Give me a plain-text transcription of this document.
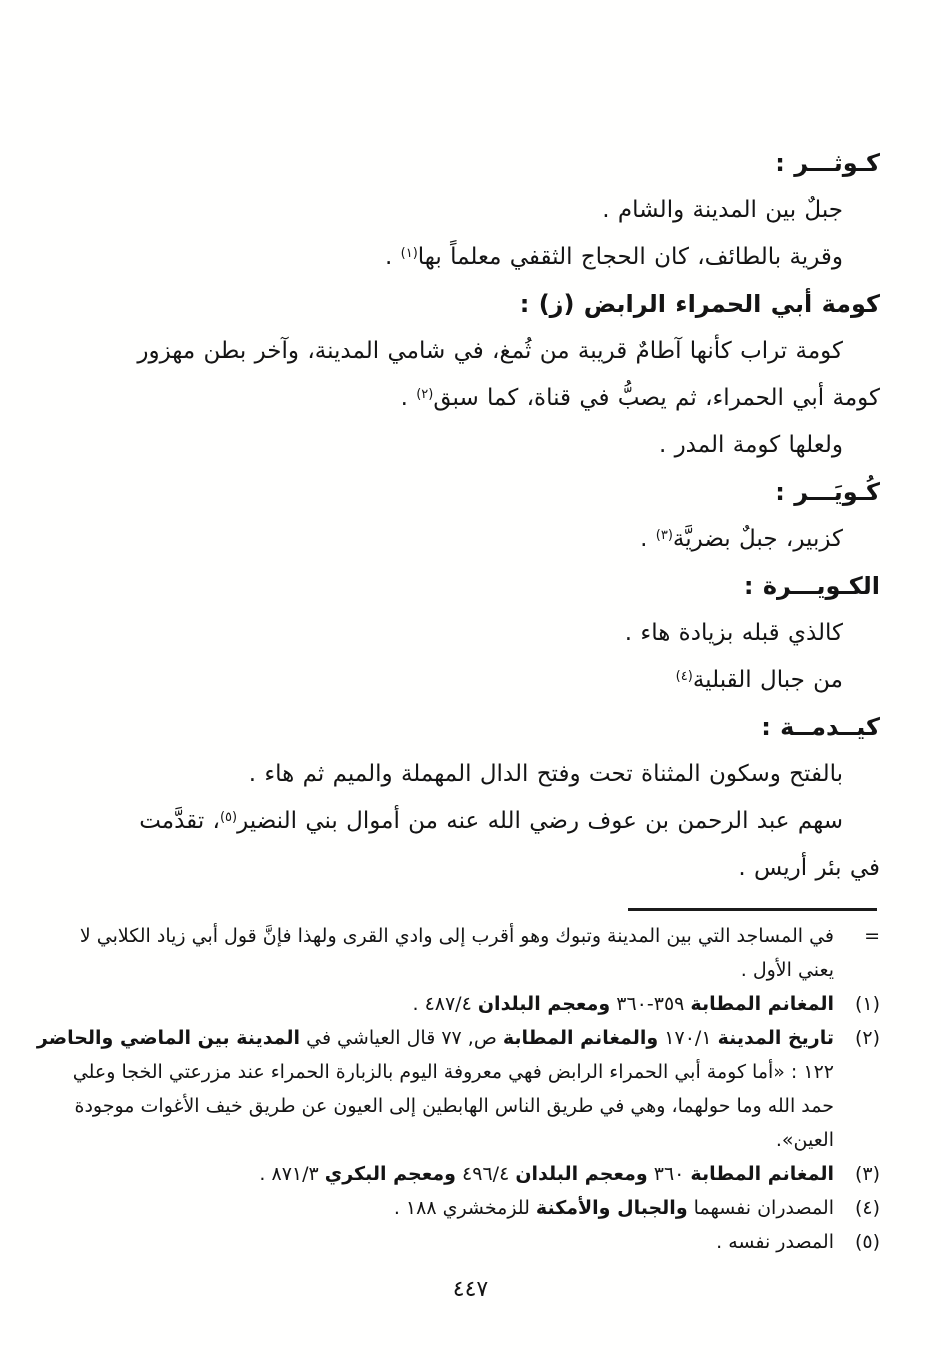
كـوثـــر :
جبلٌ بين المدينة والشام .
وقرية بالطائف، كان الحجاج الثقفي معلماً بها$^{(١)}$ .
كومة أبي الحمراء الرابض (ز) :
كومة تراب كأنها آطامٌ قريبة من ثُمغ، في شامي المدينة، وآخر بطن مهزور
كومة أبي الحمراء، ثم يصبُّ في قناة، كما سبق$^{(٢)}$ .
ولعلها كومة المدر .
كُـويَـــر :
كزبير، جبلٌ بضريَّة$^{(٣)}$ .
الكـويـــرة :
كالذي قبله بزيادة هاء .
من جبال القبلية$^{(٤)}$
كيــدمــة :
بالفتح وسكون المثناة تحت وفتح الدال المهملة والميم ثم هاء .
سهم عبد الرحمن بن عوف رضي الله عنه من أموال بني النضير$^{(٥)}$، تقدَّمت
في بئر أريس .
=
في المساجد التي بين المدينة وتبوك وهو أقرب إلى وادي القرى ولهذا فإنَّ قول أبي زياد الكلابي لا
يعني الأول .
(١)
المغانم المطابة ٣٥٩-٣٦٠ ومعجم البلدان ٤٨٧/٤ .
(٢)
تاريخ المدينة ١٧٠/١ والمغانم المطابة ص, ٧٧ قال العياشي في المدينة بين الماضي والحاضر
١٢٢ : «أما كومة أبي الحمراء الرابض فهي معروفة اليوم بالزبارة الحمراء عند مزرعتي الخجا وعلي
حمد الله وما حولهما، وهي في طريق الناس الهابطين إلى العيون عن طريق خيف الأغوات موجودة
العين».
(٣)
المغانم المطابة ٣٦٠ ومعجم البلدان ٤٩٦/٤ ومعجم البكري ٨٧١/٣ .
(٤)
المصدران نفسهما والجبال والأمكنة للزمخشري ١٨٨ .
(٥)
المصدر نفسه .
٤٤٧
